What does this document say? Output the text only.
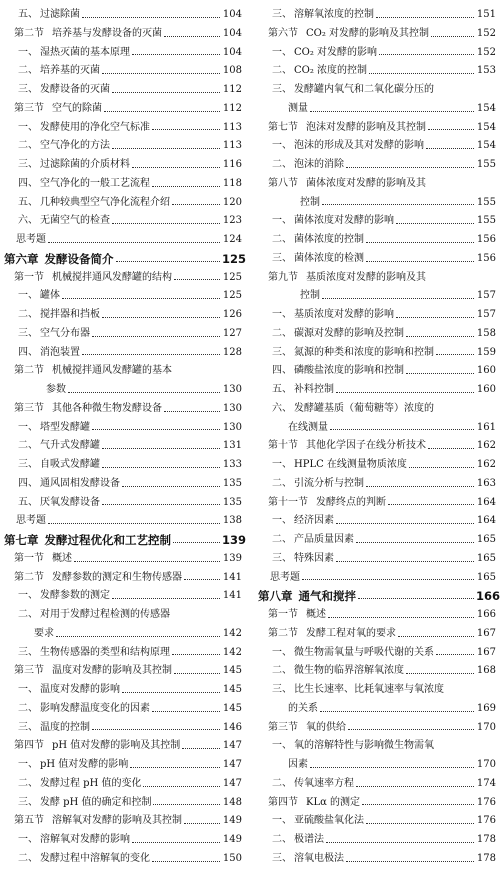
五、 过滤除菌	104
第二节 培养基与发酵设备的灭菌	104
一、 湿热灭菌的基本原理	104
二、 培养基的灭菌	108
三、 发酵设备的灭菌	112
第三节 空气的除菌	112
一、 发酵使用的净化空气标准	113
二、 空气净化的方法	113
三、 过滤除菌的介质材料	116
四、 空气净化的一般工艺流程	118
五、 几种较典型空气净化流程介绍	120
六、 无菌空气的检查	123
思考题	124
第六章 发酵设备简介	125
第一节 机械搅拌通风发酵罐的结构	125
一、 罐体	125
二、 搅拌器和挡板	126
三、 空气分布器	127
四、 消泡装置	128
第二节 机械搅拌通风发酵罐的基本
参数	130
第三节 其他各种微生物发酵设备	130
一、 塔型发酵罐	130
二、 气升式发酵罐	131
三、 自吸式发酵罐	133
四、 通风固相发酵设备	135
五、 厌氧发酵设备	135
思考题	138
第七章 发酵过程优化和工艺控制	139
第一节 概述	139
第二节 发酵参数的测定和生物传感器	141
一、 发酵参数的测定	141
二、 对用于发酵过程检测的传感器
要求	142
三、 生物传感器的类型和结构原理	142
第三节 温度对发酵的影响及其控制	145
一、 温度对发酵的影响	145
二、 影响发酵温度变化的因素	145
三、 温度的控制	146
第四节 pH 值对发酵的影响及其控制	147
一、 pH 值对发酵的影响	147
二、 发酵过程 pH 值的变化	147
三、 发酵 pH 值的确定和控制	148
第五节 溶解氧对发酵的影响及其控制	149
一、 溶解氧对发酵的影响	149
二、 发酵过程中溶解氧的变化	150
三、 溶解氧浓度的控制	151
第六节 CO₂ 对发酵的影响及其控制	152
一、 CO₂ 对发酵的影响	152
二、 CO₂ 浓度的控制	153
三、 发酵罐内氧气和二氧化碳分压的
测量	154
第七节 泡沫对发酵的影响及其控制	154
一、 泡沫的形成及其对发酵的影响	154
二、 泡沫的消除	155
第八节 菌体浓度对发酵的影响及其
控制	155
一、 菌体浓度对发酵的影响	155
二、 菌体浓度的控制	156
三、 菌体浓度的检测	156
第九节 基质浓度对发酵的影响及其
控制	157
一、 基质浓度对发酵的影响	157
二、 碳源对发酵的影响及控制	158
三、 氮源的种类和浓度的影响和控制	159
四、 磷酸盐浓度的影响和控制	160
五、 补料控制	160
六、 发酵罐基质（葡萄糖等）浓度的
在线测量	161
第十节 其他化学因子在线分析技术	162
一、 HPLC 在线测量物质浓度	162
二、 引流分析与控制	163
第十一节 发酵终点的判断	164
一、 经济因素	164
二、 产品质量因素	165
三、 特殊因素	165
思考题	165
第八章 通气和搅拌	166
第一节 概述	166
第二节 发酵工程对氧的要求	167
一、 微生物需氧量与呼吸代谢的关系	167
二、 微生物的临界溶解氧浓度	168
三、 比生长速率、比耗氧速率与氧浓度
的关系	169
第三节 氧的供给	170
一、 氧的溶解特性与影响微生物需氧
因素	170
二、 传氧速率方程	174
第四节 KLα 的测定	176
一、 亚硫酸盐氧化法	176
二、 极谱法	178
三、 溶氧电极法	178
